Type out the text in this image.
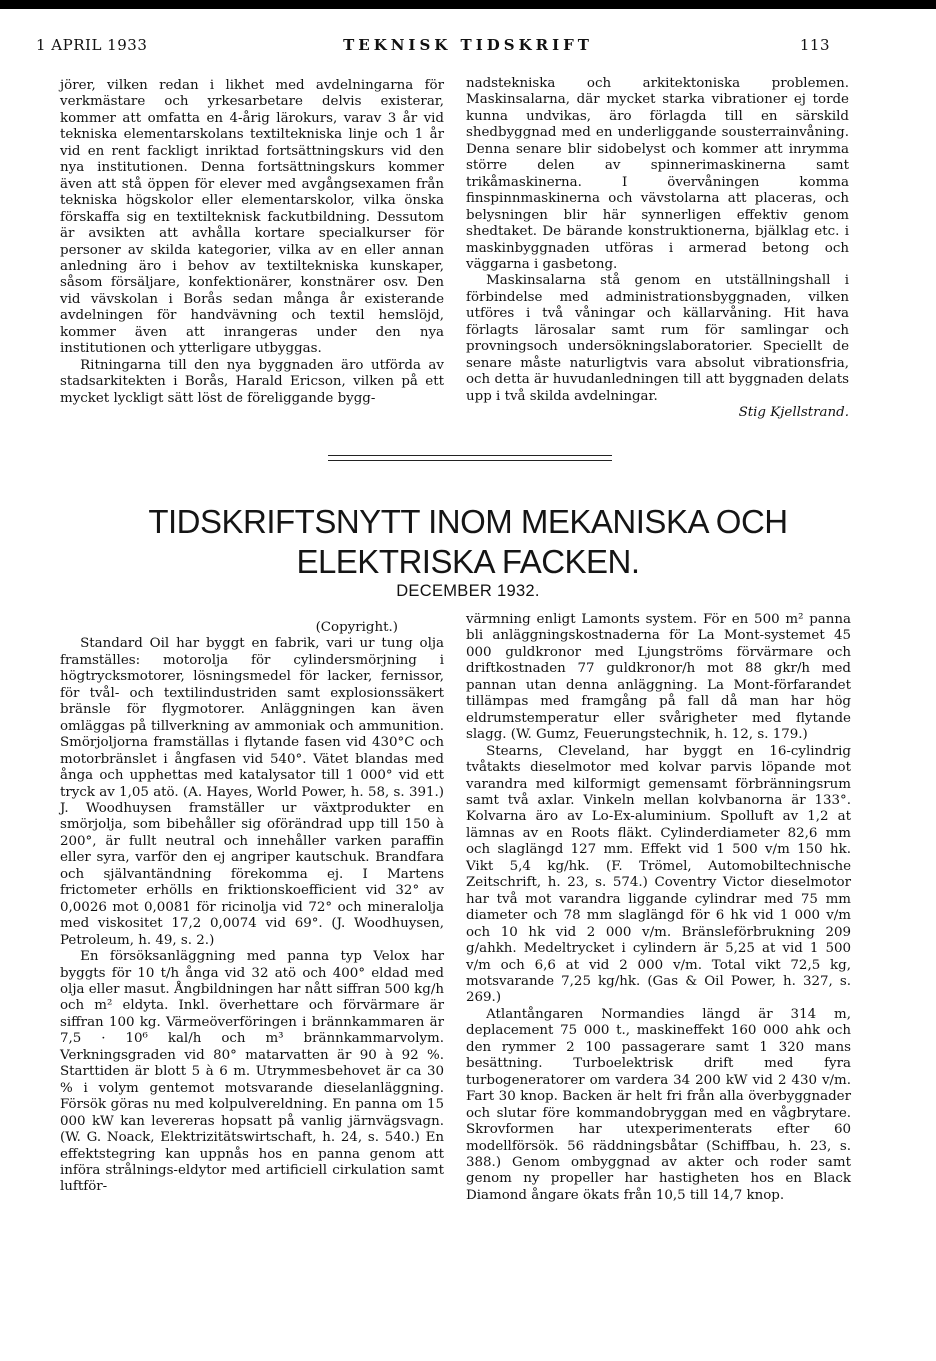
TEKNISK TIDSKRIFT
1 APRIL 1933	113

jörer, vilken redan i likhet med avdelningarna för verkmästare och yrkesarbetare delvis existerar, kommer att omfatta en 4-årig lärokurs, varav 3 år vid tekniska elementarskolans textiltekniska linje och 1 år vid en rent fackligt inriktad fortsättningskurs vid den nya institutionen. Denna fortsättningskurs kommer även att stå öppen för elever med avgångsexamen från tekniska högskolor eller elementarskolor, vilka önska förskaffa sig en textilteknisk fackutbildning. Dessutom är avsikten att avhålla kortare specialkurser för personer av skilda kategorier, vilka av en eller annan anledning äro i behov av textiltekniska kunskaper, såsom försäljare, konfektionärer, konstnärer osv. Den vid vävskolan i Borås sedan många år existerande avdelningen för handvävning och textil hemslöjd, kommer även att inrangeras under den nya institutionen och ytterligare utbyggas.

Ritningarna till den nya byggnaden äro utförda av stadsarkitekten i Borås, Harald Ericson, vilken på ett mycket lyckligt sätt löst de föreliggande bygg-

nadstekniska och arkitektoniska problemen. Maskinsalarna, där mycket starka vibrationer ej torde kunna undvikas, äro förlagda till en särskild shedbyggnad med en underliggande sousterrainvåning. Denna senare blir sidobelyst och kommer att inrymma större delen av spinnerimaskinerna samt trikåmaskinerna. I övervåningen komma finspinnmaskinerna och vävstolarna att placeras, och belysningen blir här synnerligen effektiv genom shedtaket. De bärande konstruktionerna, bjälklag etc. i maskinbyggnaden utföras i armerad betong och väggarna i gasbetong.

Maskinsalarna stå genom en utställningshall i förbindelse med administrationsbyggnaden, vilken utföres i två våningar och källarvåning. Hit hava förlagts lärosalar samt rum för samlingar och provningsoch undersökningslaboratorier. Speciellt de senare måste naturligtvis vara absolut vibrationsfria, och detta är huvudanledningen till att byggnaden delats upp i två skilda avdelningar.

Stig Kjellstrand.
TIDSKRIFTSNYTT INOM MEKANISKA OCH
ELEKTRISKA FACKEN.
DECEMBER 1932.
(Copyright.)

Standard Oil har byggt en fabrik, vari ur tung olja framställes: motorolja för cylindersmörjning i högtrycksmotorer, lösningsmedel för lacker, fernissor, för tvål- och textilindustriden samt explosionssäkert bränsle för flygmotorer. Anläggningen kan även omläggas på tillverkning av ammoniak och ammunition. Smörjoljorna framställas i flytande fasen vid 430°C och motorbränslet i ångfasen vid 540°. Vätet blandas med ånga och upphettas med katalysator till 1 000° vid ett tryck av 1,05 atö. (A. Hayes, World Power, h. 58, s. 391.) J. Woodhuysen framställer ur växtprodukter en smörjolja, som bibehåller sig oförändrad upp till 150 à 200°, är fullt neutral och innehåller varken paraffin eller syra, varför den ej angriper kautschuk. Brandfara och självantändning förekomma ej. I Martens frictometer erhölls en friktionskoefficient vid 32° av 0,0026 mot 0,0081 för ricinolja vid 72° och mineralolja med viskositet 17,2 0,0074 vid 69°. (J. Woodhuysen, Petroleum, h. 49, s. 2.)

En försöksanläggning med panna typ Velox har byggts för 10 t/h ånga vid 32 atö och 400° eldad med olja eller masut. Ångbildningen har nått siffran 500 kg/h och m² eldyta. Inkl. överhettare och förvärmare är siffran 100 kg. Värmeöverföringen i brännkammaren är 7,5 · 10⁶ kal/h och m³ brännkammarvolym. Verkningsgraden vid 80° matarvatten är 90 à 92 %. Starttiden är blott 5 à 6 m. Utrymmesbehovet är ca 30 % i volym gentemot motsvarande dieselanläggning. Försök göras nu med kolpulvereldning. En panna om 15 000 kW kan levereras hopsatt på vanlig järnvägsvagn. (W. G. Noack, Elektrizitätswirtschaft, h. 24, s. 540.) En effektstegring kan uppnås hos en panna genom att införa strålnings-eldytor med artificiell cirkulation samt luftför-

värmning enligt Lamonts system. För en 500 m² panna bli anläggningskostnaderna för La Mont-systemet 45 000 guldkronor med Ljungströms förvärmare och driftkostnaden 77 guldkronor/h mot 88 gkr/h med pannan utan denna anläggning. La Mont-förfarandet tillämpas med framgång på fall då man har hög eldrumstemperatur eller svårigheter med flytande slagg. (W. Gumz, Feuerungstechnik, h. 12, s. 179.)

Stearns, Cleveland, har byggt en 16-cylindrig tvåtakts dieselmotor med kolvar parvis löpande mot varandra med kilformigt gemensamt förbränningsrum samt två axlar. Vinkeln mellan kolvbanorna är 133°. Kolvarna äro av Lo-Ex-aluminium. Spolluft av 1,2 at lämnas av en Roots fläkt. Cylinderdiameter 82,6 mm och slaglängd 127 mm. Effekt vid 1 500 v/m 150 hk. Vikt 5,4 kg/hk. (F. Trömel, Automobiltechnische Zeitschrift, h. 23, s. 574.) Coventry Victor dieselmotor har två mot varandra liggande cylindrar med 75 mm diameter och 78 mm slaglängd för 6 hk vid 1 000 v/m och 10 hk vid 2 000 v/m. Bränsleförbrukning 209 g/ahkh. Medeltrycket i cylindern är 5,25 at vid 1 500 v/m och 6,6 at vid 2 000 v/m. Total vikt 72,5 kg, motsvarande 7,25 kg/hk. (Gas & Oil Power, h. 327, s. 269.)

Atlantångaren Normandies längd är 314 m, deplacement 75 000 t., maskineffekt 160 000 ahk och den rymmer 2 100 passagerare samt 1 320 mans besättning. Turboelektrisk drift med fyra turbogeneratorer om vardera 34 200 kW vid 2 430 v/m. Fart 30 knop. Backen är helt fri från alla överbyggnader och slutar före kommandobryggan med en vågbrytare. Skrovformen har utexperimenterats efter 60 modellförsök. 56 räddningsbåtar (Schiffbau, h. 23, s. 388.) Genom ombyggnad av akter och roder samt genom ny propeller har hastigheten hos en Black Diamond ångare ökats från 10,5 till 14,7 knop.
